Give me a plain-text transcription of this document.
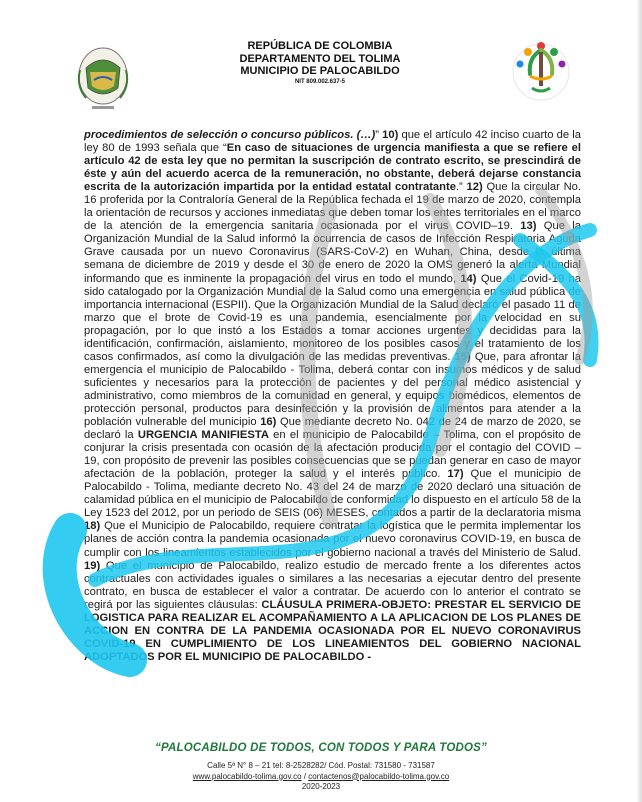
REPÚBLICA DE COLOMBIA
DEPARTAMENTO DEL TOLIMA
MUNICIPIO DE PALOCABILDO
NIT 809.002.637-5

procedimientos de selección o concurso públicos. (…)” 10) que el artículo 42 inciso cuarto de la ley 80 de 1993 señala que “En caso de situaciones de urgencia manifiesta a que se refiere el artículo 42 de esta ley que no permitan la suscripción de contrato escrito, se prescindirá de éste y aún del acuerdo acerca de la remuneración, no obstante, deberá dejarse constancia escrita de la autorización impartida por la entidad estatal contratante.” 12) Que la circular No. 16 proferida por la Contraloría General de la República fechada el 19 de marzo de 2020, contempla la orientación de recursos y acciones inmediatas que deben tomar los entes territoriales en el marco de la atención de la emergencia sanitaria ocasionada por el virus COVID–19. 13) Que la Organización Mundial de la Salud informó la ocurrencia de casos de Infección Respiratoria Aguda Grave causada por un nuevo Coronavirus (SARS-CoV-2) en Wuhan, China, desde la última semana de diciembre de 2019 y desde el 30 de enero de 2020 la OMS generó la alerta Mundial informando que es inminente la propagación del virus en todo el mundo, 14) Que el Covid-19 ha sido catalogado por la Organización Mundial de la Salud como una emergencia en salud pública de importancia internacional (ESPII). Que la Organización Mundial de la Salud declaró el pasado 11 de marzo que el brote de Covid-19 es una pandemia, esencialmente por la velocidad en su propagación, por lo que instó a los Estados a tomar acciones urgentes y decididas para la identificación, confirmación, aislamiento, monitoreo de los posibles casos y el tratamiento de los casos confirmados, así como la divulgación de las medidas preventivas. 15) Que, para afrontar la emergencia el municipio de Palocabildo - Tolima, deberá contar con insumos médicos y de salud suficientes y necesarios para la protección de pacientes y del personal médico asistencial y administrativo, como miembros de la comunidad en general, y equipos biomédicos, elementos de protección personal, productos para desinfección y la provisión de alimentos para atender a la población vulnerable del municipio 16) Que mediante decreto No. 042 de 24 de marzo de 2020, se declaró la URGENCIA MANIFIESTA en el municipio de Palocabildo – Tolima, con el propósito de conjurar la crisis presentada con ocasión de la afectación producida por el contagio del COVID – 19, con propósito de prevenir las posibles consecuencias que se puedan generar en caso de mayor afectación de la población, proteger la salud y el interés público. 17) Que el municipio de Palocabildo - Tolima, mediante decreto No. 43 del 24 de marzo de 2020 declaró una situación de calamidad pública en el municipio de Palocabildo de conformidad lo dispuesto en el artículo 58 de la Ley 1523 del 2012, por un periodo de SEIS (06) MESES, contados a partir de la declaratoria misma 18) Que el Municipio de Palocabildo, requiere contratar la logística que le permita implementar los planes de acción contra la pandemia ocasionada por el nuevo coronavirus COVID-19, en busca de cumplir con los lineamientos establecidos por el gobierno nacional a través del Ministerio de Salud. 19) Que el municipio de Palocabildo, realizo estudio de mercado frente a los diferentes actos contractuales con actividades iguales o similares a las necesarias a ejecutar dentro del presente contrato, en busca de establecer el valor a contratar. De acuerdo con lo anterior el contrato se regirá por las siguientes cláusulas: CLÁUSULA PRIMERA-OBJETO: PRESTAR EL SERVICIO DE LOGISTICA PARA REALIZAR EL ACOMPAÑAMIENTO A LA APLICACION DE LOS PLANES DE ACCION EN CONTRA DE LA PANDEMIA OCASIONADA POR EL NUEVO CORONAVIRUS COVID-19 EN CUMPLIMIENTO DE LOS LINEAMIENTOS DEL GOBIERNO NACIONAL ADOPTADOS POR EL MUNICIPIO DE PALOCABILDO -

“PALOCABILDO DE TODOS, CON TODOS Y PARA TODOS”
Calle 5ª N° 8 – 21 tel: 8-2528282/ Cód. Postal: 731580 - 731587
www.palocabildo-tolima.gov.co / contactenos@palocabildo-tolima.gov.co
2020-2023
